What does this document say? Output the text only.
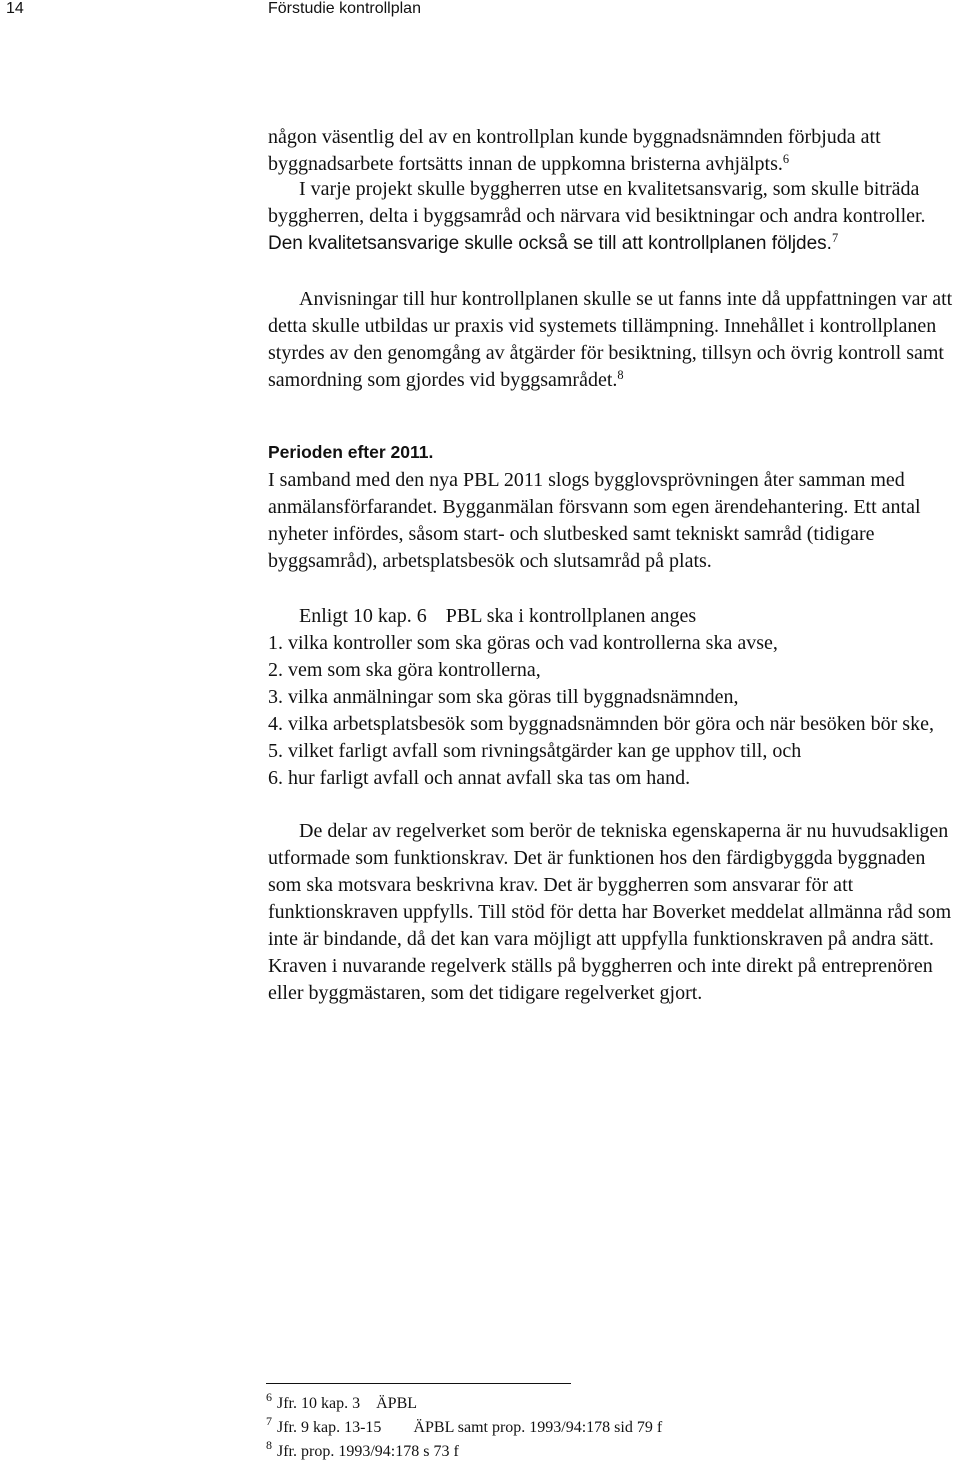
14	Förstudie kontrollplan

någon väsentlig del av en kontrollplan kunde byggnadsnämnden förbjuda att byggnadsarbete fortsätts innan de uppkomna bristerna avhjälpts.$^6$

I varje projekt skulle byggherren utse en kvalitetsansvarig, som skulle biträda byggherren, delta i byggsamråd och närvara vid besiktningar och andra kontroller. Den kvalitetsansvarige skulle också se till att kontrollplanen följdes.$^7$

Anvisningar till hur kontrollplanen skulle se ut fanns inte då uppfattningen var att detta skulle utbildas ur praxis vid systemets tillämpning. Innehållet i kontrollplanen styrdes av den genomgång av åtgärder för besiktning, tillsyn och övrig kontroll samt samordning som gjordes vid byggsamrådet.$^8$

Perioden efter 2011.

I samband med den nya PBL 2011 slogs bygglovsprövningen åter samman med anmälansförfarandet. Bygganmälan försvann som egen ärendehantering. Ett antal nyheter infördes, såsom start- och slutbesked samt tekniskt samråd (tidigare byggsamråd), arbetsplatsbesök och slutsamråd på plats.

Enligt 10 kap. 6 PBL ska i kontrollplanen anges

1. vilka kontroller som ska göras och vad kontrollerna ska avse,
2. vem som ska göra kontrollerna,
3. vilka anmälningar som ska göras till byggnadsnämnden,
4. vilka arbetsplatsbesök som byggnadsnämnden bör göra och när besöken bör ske,
5. vilket farligt avfall som rivningsåtgärder kan ge upphov till, och
6. hur farligt avfall och annat avfall ska tas om hand.

De delar av regelverket som berör de tekniska egenskaperna är nu huvudsakligen utformade som funktionskrav. Det är funktionen hos den färdigbyggda byggnaden som ska motsvara beskrivna krav. Det är byggherren som ansvarar för att funktionskraven uppfylls. Till stöd för detta har Boverket meddelat allmänna råd som inte är bindande, då det kan vara möjligt att uppfylla funktionskraven på andra sätt. Kraven i nuvarande regelverk ställs på byggherren och inte direkt på entreprenören eller byggmästaren, som det tidigare regelverket gjort.

$^6$ Jfr. 10 kap. 3 ÄPBL
$^7$ Jfr. 9 kap. 13-15 ÄPBL samt prop. 1993/94:178 sid 79 f
$^8$ Jfr. prop. 1993/94:178 s 73 f
